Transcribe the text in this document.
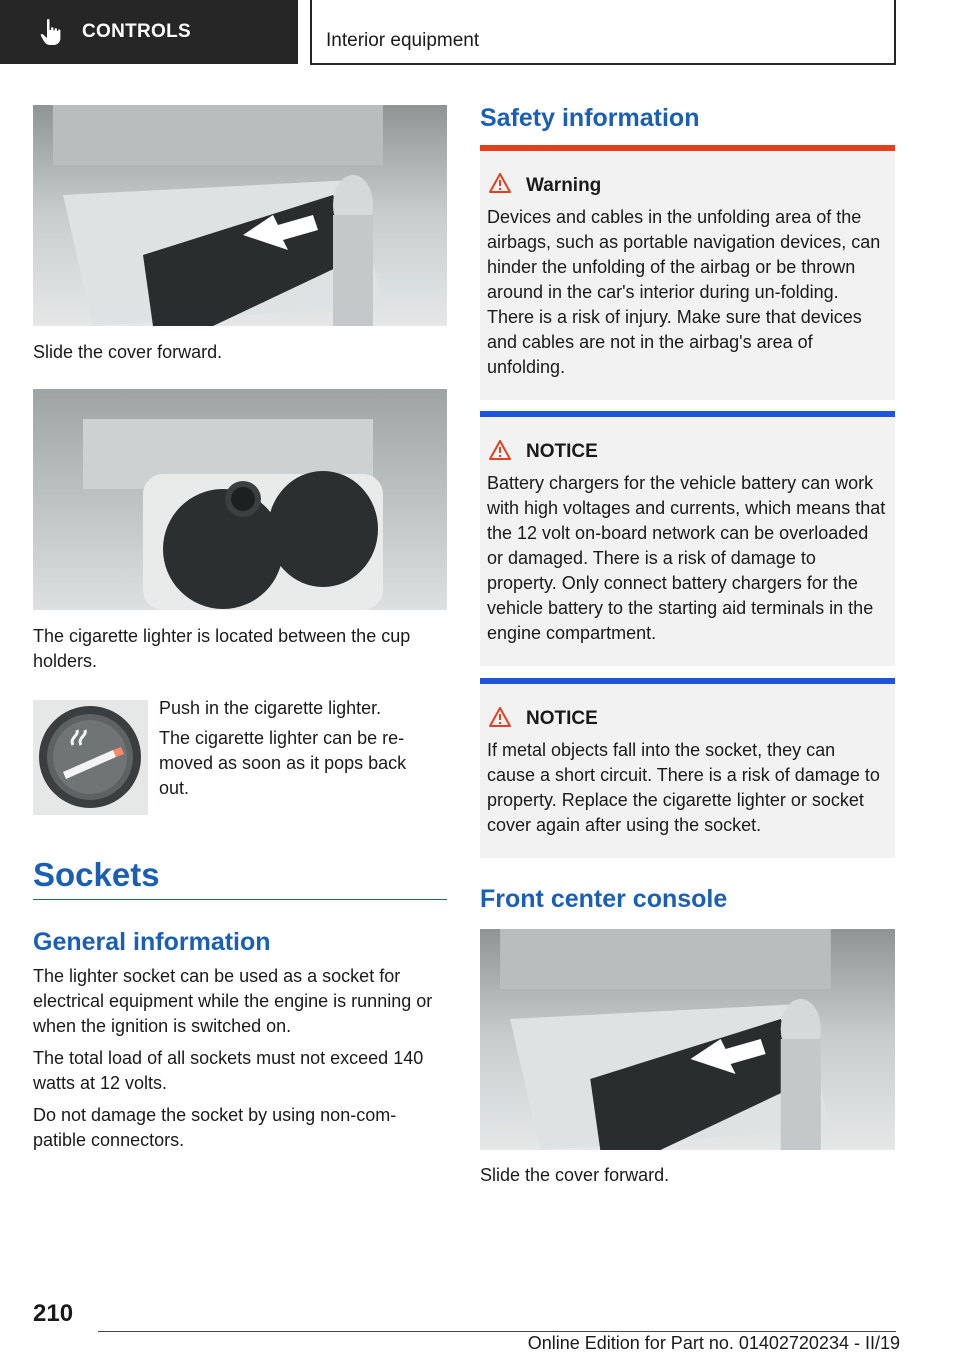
CONTROLS	Interior equipment
Slide the cover forward.
The cigarette lighter is located between the cup holders.
Push in the cigarette lighter.
The cigarette lighter can be re-moved as soon as it pops back out.
Sockets
General information
The lighter socket can be used as a socket for electrical equipment while the engine is running or when the ignition is switched on.
The total load of all sockets must not exceed 140 watts at 12 volts.
Do not damage the socket by using non-com-patible connectors.
Safety information
Warning
Devices and cables in the unfolding area of the airbags, such as portable navigation devices, can hinder the unfolding of the airbag or be thrown around in the car's interior during un-folding. There is a risk of injury. Make sure that devices and cables are not in the airbag's area of unfolding.
NOTICE
Battery chargers for the vehicle battery can work with high voltages and currents, which means that the 12 volt on-board network can be overloaded or damaged. There is a risk of damage to property. Only connect battery chargers for the vehicle battery to the starting aid terminals in the engine compartment.
NOTICE
If metal objects fall into the socket, they can cause a short circuit. There is a risk of damage to property. Replace the cigarette lighter or socket cover again after using the socket.
Front center console
Slide the cover forward.
210
Online Edition for Part no. 01402720234 - II/19
